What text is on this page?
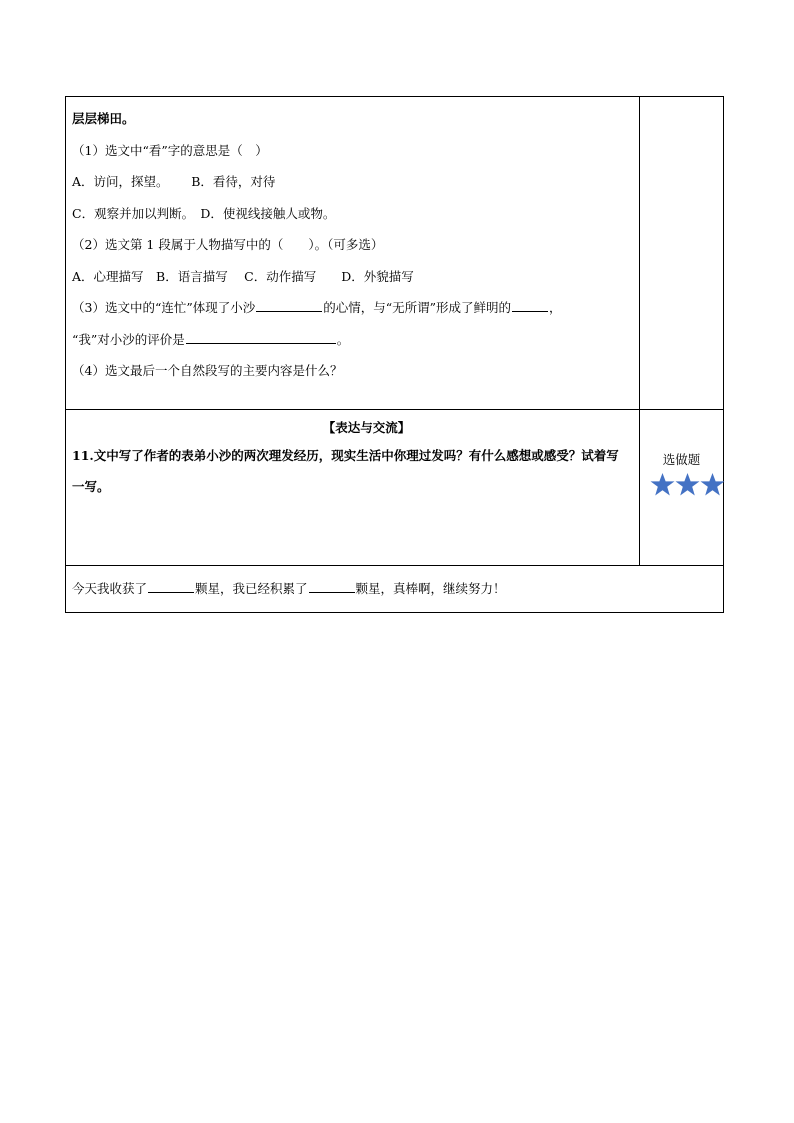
层层梯田。
（1）选文中“看”字的意思是（　）
A．访问，探望。　　 B．看待，对待
C．观察并加以判断。　D．使视线接触人或物。
（2）选文第 1 段属于人物描写中的（　　）。（可多选）
A．心理描写　B．语言描写　 C．动作描写　　D．外貌描写
（3）选文中的“连忙”体现了小沙	的心情，与“无所谓”形成了鲜明的	，
“我”对小沙的评价是	。
（4）选文最后一个自然段写的主要内容是什么？
【表达与交流】
11.文中写了作者的表弟小沙的两次理发经历，现实生活中你理过发吗？有什么感想或感受？试着写一写。
选做题
今天我收获了	颗星，我已经积累了	颗星，真棒啊，继续努力！
